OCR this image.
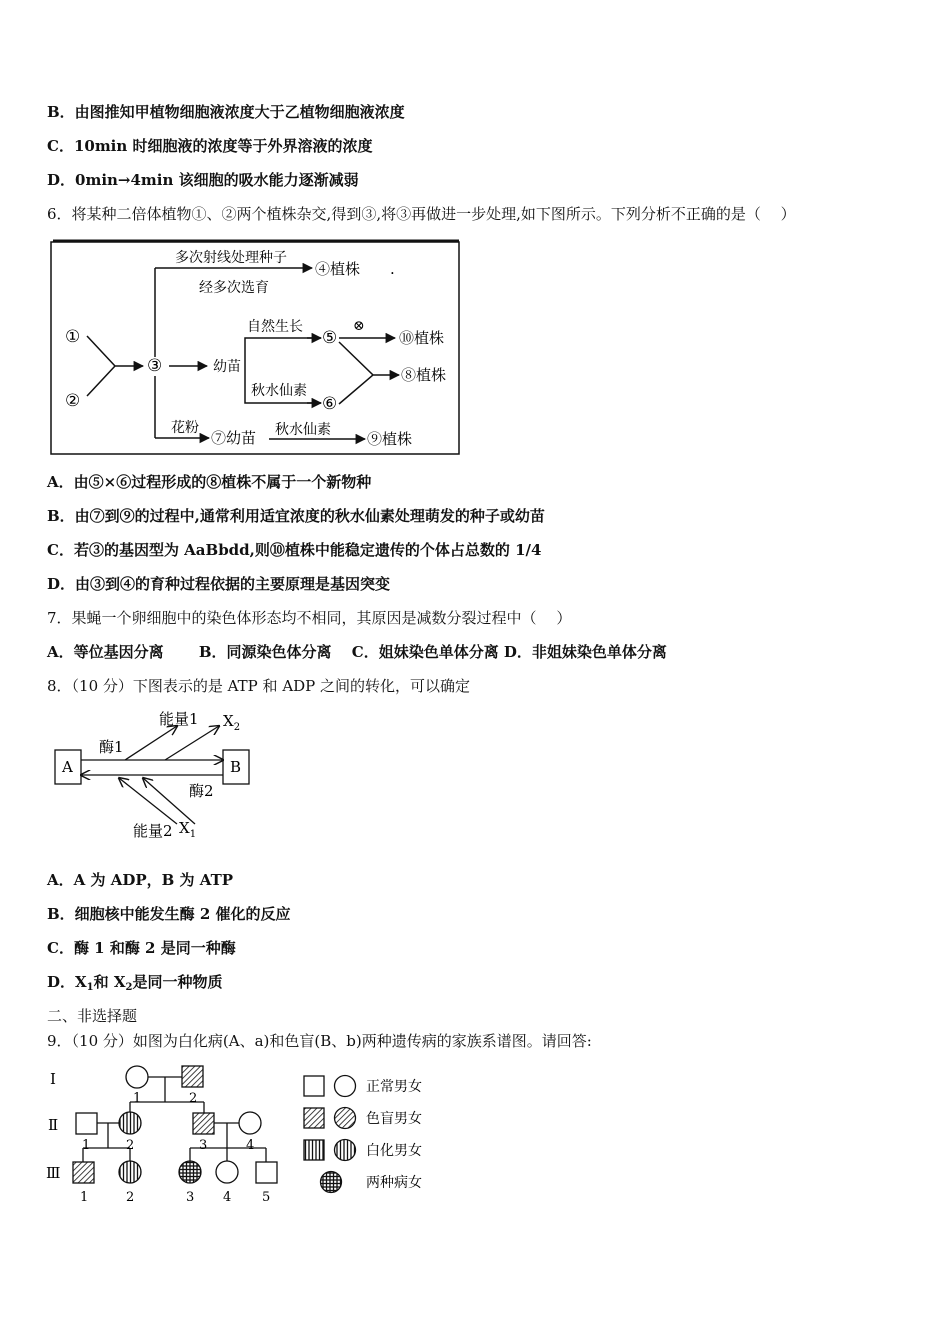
B．由图推知甲植物细胞液浓度大于乙植物细胞液浓度
C．10min 时细胞液的浓度等于外界溶液的浓度
D．0min→4min 该细胞的吸水能力逐渐减弱
6．将某种二倍体植物①、②两个植株杂交,得到③,将③再做进一步处理,如下图所示。下列分析不正确的是（　 ）
①
②
③
多次射线处理种子
经多次选育
④植株 .
幼苗
自然生长
⑤
⊗
⑩植株
秋水仙素
⑥
⑧植株
花粉
⑦幼苗 秋水仙素 ⑨植株
A．由⑤×⑥过程形成的⑧植株不属于一个新物种
B．由⑦到⑨的过程中,通常利用适宜浓度的秋水仙素处理萌发的种子或幼苗
C．若③的基因型为 AaBbdd,则⑩植株中能稳定遗传的个体占总数的 1/4
D．由③到④的育种过程依据的主要原理是基因突变
7．果蝇一个卵细胞中的染色体形态均不相同，其原因是减数分裂过程中（　 ）
A．等位基因分离　　 B．同源染色体分离　 C．姐妹染色单体分离 D．非姐妹染色单体分离
8．（10 分）下图表示的是 ATP 和 ADP 之间的转化，可以确定
A	B
酶1
能量1 $X_2$
酶2
能量2 $X_1$
A．A 为 ADP，B 为 ATP
B．细胞核中能发生酶 2 催化的反应
C．酶 1 和酶 2 是同一种酶
D．$X_1$和 $X_2$是同一种物质
二、非选择题
9．（10 分）如图为白化病(A、a)和色盲(B、b)两种遗传病的家族系谱图。请回答:
Ⅰ
Ⅱ
Ⅲ
1	2
1	2	3	4
1	2	3 4 5
正常男女
色盲男女
白化男女
两种病女
